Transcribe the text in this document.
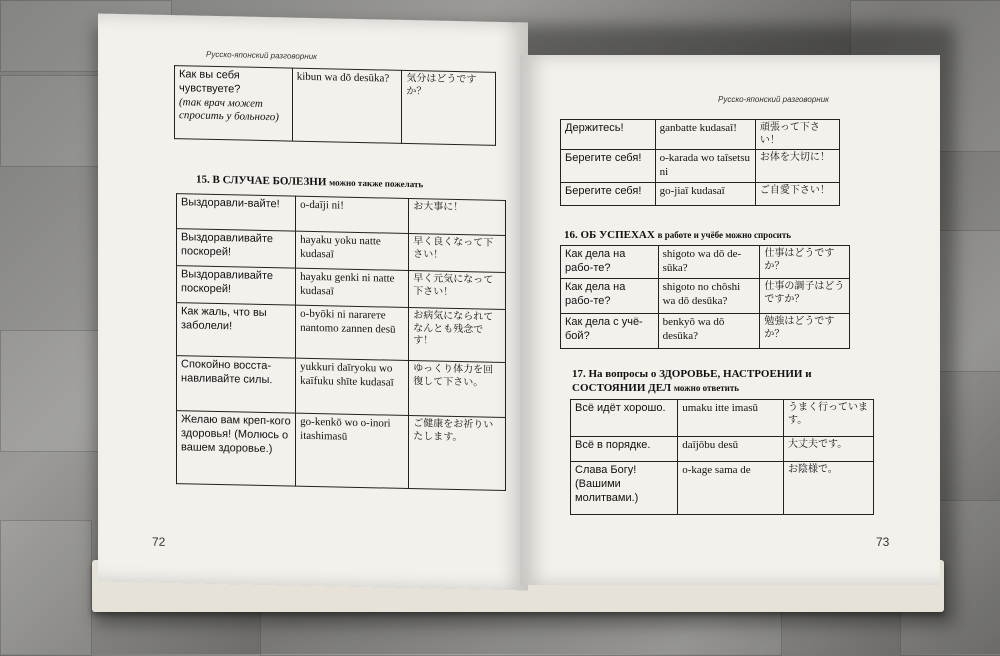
Русско-японский разговорник
Как вы себя чувствуете?
(так врач может спросить у больного)	kibun wa dō desūka?	気分はどうですか？
15. В СЛУЧАЕ БОЛЕЗНИ можно также пожелать
Выздоравли-вайте!	o-daīji ni!	お大事に！
Выздоравливайте поскорей!	hayaku yoku natte kudasaī	早く良くなって下さい！
Выздоравливайте поскорей!	hayaku genki ni natte kudasaī	早く元気になって下さい！
Как жаль, что вы заболели!	o-byōki ni narareте nantomo zannen desū	お病気になられてなんとも残念です！
Спокойно восста-навливайте силы.	yukkuri daīryoku wo kaīfuku shīte kudasaī	ゆっくり体力を回復して下さい。
Желаю вам креп-кого здоровья! (Молюсь о вашем здоровье.)	go-kenkō wo o-inori itashimasū	ご健康をお祈りいたします。
72
Русско-японский разговорник
Держитесь!	ganbatte kudasaī!	頑張って下さい！
Берегите себя!	o-karada wo taīsetsu ni	お体を大切に！
Берегите себя!	go-jiaī kudasaī	ご自愛下さい！
16. ОБ УСПЕХАХ в работе и учёбе можно спросить
Как дела на рабо-те?	shigoto wa dō de-sūka?	仕事はどうですか？
Как дела на рабо-те?	shigoto no chōshi wa dō desūka?	仕事の調子はどうですか？
Как дела с учё-бой?	benkyō wa dō desūka?	勉強はどうですか？
17. На вопросы о ЗДОРОВЬЕ, НАСТРОЕНИИ и
СОСТОЯНИИ ДЕЛ можно ответить
Всё идёт хорошо.	umaku itte imasū	うまく行っています。
Всё в порядке.	daījōbu desū	大丈夫です。
Слава Богу! (Вашими молитвами.)	o-kage sama de	お陰様で。
73
